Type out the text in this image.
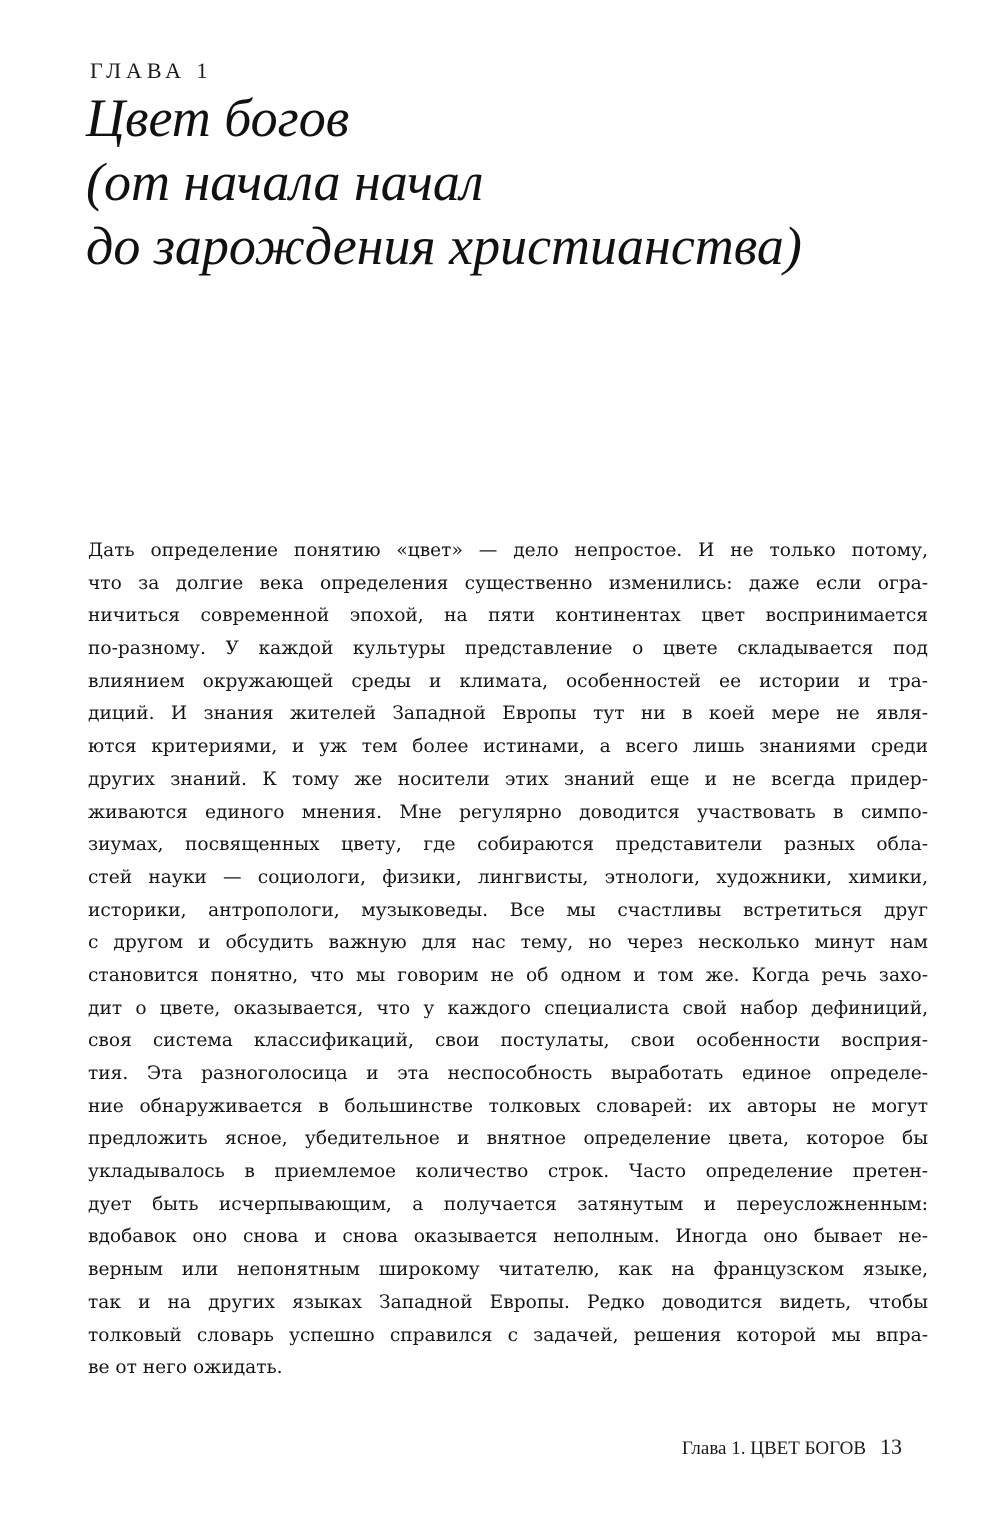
ГЛАВА 1
Цвет богов
(от начала начал
до зарождения христианства)
Дать определение понятию «цвет» — дело непростое. И не только потому,
что за долгие века определения существенно изменились: даже если огра-
ничиться современной эпохой, на пяти континентах цвет воспринимается
по-разному. У каждой культуры представление о цвете складывается под
влиянием окружающей среды и климата, особенностей ее истории и тра-
диций. И знания жителей Западной Европы тут ни в коей мере не явля-
ются критериями, и уж тем более истинами, а всего лишь знаниями среди
других знаний. К тому же носители этих знаний еще и не всегда придер-
живаются единого мнения. Мне регулярно доводится участвовать в симпо-
зиумах, посвященных цвету, где собираются представители разных обла-
стей науки — социологи, физики, лингвисты, этнологи, художники, химики,
историки, антропологи, музыковеды. Все мы счастливы встретиться друг
с другом и обсудить важную для нас тему, но через несколько минут нам
становится понятно, что мы говорим не об одном и том же. Когда речь захо-
дит о цвете, оказывается, что у каждого специалиста свой набор дефиниций,
своя система классификаций, свои постулаты, свои особенности восприя-
тия. Эта разноголосица и эта неспособность выработать единое определе-
ние обнаруживается в большинстве толковых словарей: их авторы не могут
предложить ясное, убедительное и внятное определение цвета, которое бы
укладывалось в приемлемое количество строк. Часто определение претен-
дует быть исчерпывающим, а получается затянутым и переусложненным:
вдобавок оно снова и снова оказывается неполным. Иногда оно бывает не-
верным или непонятным широкому читателю, как на французском языке,
так и на других языках Западной Европы. Редко доводится видеть, чтобы
толковый словарь успешно справился с задачей, решения которой мы впра-
ве от него ожидать.
Глава 1. ЦВЕТ БОГОВ 13
